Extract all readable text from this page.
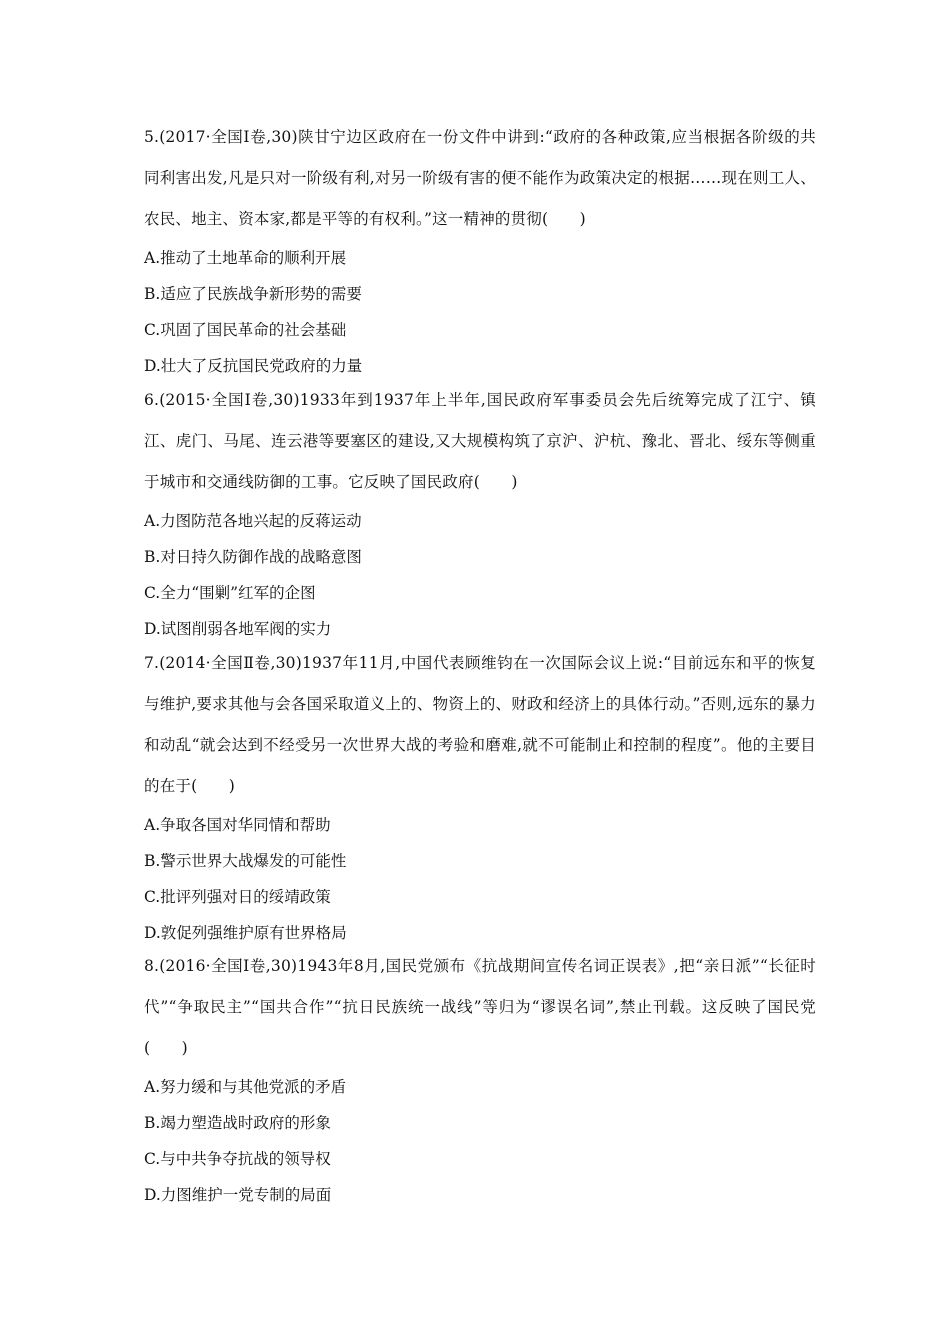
5.(2017·全国Ⅰ卷,30)陕甘宁边区政府在一份文件中讲到:“政府的各种政策,应当根据各阶级的共同利害出发,凡是只对一阶级有利,对另一阶级有害的便不能作为政策决定的根据……现在则工人、农民、地主、资本家,都是平等的有权利。”这一精神的贯彻(　　)

A.推动了土地革命的顺利开展
B.适应了民族战争新形势的需要
C.巩固了国民革命的社会基础
D.壮大了反抗国民党政府的力量

6.(2015·全国Ⅰ卷,30)1933年到1937年上半年,国民政府军事委员会先后统筹完成了江宁、镇江、虎门、马尾、连云港等要塞区的建设,又大规模构筑了京沪、沪杭、豫北、晋北、绥东等侧重于城市和交通线防御的工事。它反映了国民政府(　　)

A.力图防范各地兴起的反蒋运动
B.对日持久防御作战的战略意图
C.全力“围剿”红军的企图
D.试图削弱各地军阀的实力

7.(2014·全国Ⅱ卷,30)1937年11月,中国代表顾维钧在一次国际会议上说:“目前远东和平的恢复与维护,要求其他与会各国采取道义上的、物资上的、财政和经济上的具体行动。”否则,远东的暴力和动乱“就会达到不经受另一次世界大战的考验和磨难,就不可能制止和控制的程度”。他的主要目的在于(　　)

A.争取各国对华同情和帮助
B.警示世界大战爆发的可能性
C.批评列强对日的绥靖政策
D.敦促列强维护原有世界格局

8.(2016·全国Ⅰ卷,30)1943年8月,国民党颁布《抗战期间宣传名词正误表》,把“亲日派”“长征时代”“争取民主”“国共合作”“抗日民族统一战线”等归为“谬误名词”,禁止刊载。这反映了国民党(　　)

A.努力缓和与其他党派的矛盾
B.竭力塑造战时政府的形象
C.与中共争夺抗战的领导权
D.力图维护一党专制的局面
